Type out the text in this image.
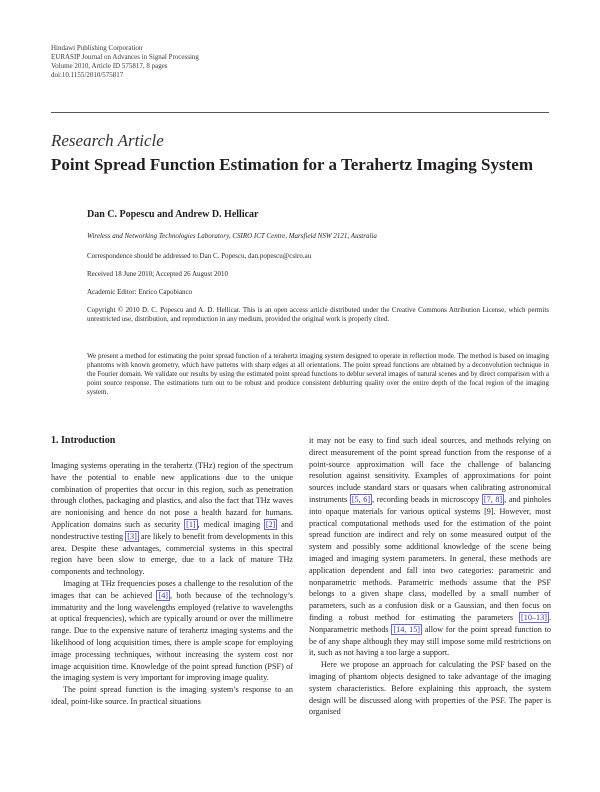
Hindawi Publishing Corporation
EURASIP Journal on Advances in Signal Processing
Volume 2010, Article ID 575817, 8 pages
doi:10.1155/2010/575817
Research Article
Point Spread Function Estimation for a Terahertz Imaging System
Dan C. Popescu and Andrew D. Hellicar
Wireless and Networking Technologies Laboratory, CSIRO ICT Centre, Marsfield NSW 2121, Australia
Correspondence should be addressed to Dan C. Popescu, dan.popescu@csiro.au
Received 18 June 2010; Accepted 26 August 2010
Academic Editor: Enrico Capobianco
Copyright © 2010 D. C. Popescu and A. D. Hellicar. This is an open access article distributed under the Creative Commons Attribution License, which permits unrestricted use, distribution, and reproduction in any medium, provided the original work is properly cited.
We present a method for estimating the point spread function of a terahertz imaging system designed to operate in reflection mode. The method is based on imaging phantoms with known geometry, which have patterns with sharp edges at all orientations. The point spread functions are obtained by a deconvolution technique in the Fourier domain. We validate our results by using the estimated point spread functions to deblur several images of natural scenes and by direct comparison with a point source response. The estimations turn out to be robust and produce consistent deblurring quality over the entire depth of the focal region of the imaging system.
1. Introduction

Imaging systems operating in the terahertz (THz) region of the spectrum have the potential to enable new applications due to the unique combination of properties that occur in this region, such as penetration through clothes, packaging and plastics, and also the fact that THz waves are nonionising and hence do not pose a health hazard for humans. Application domains such as security [1] , medical imaging [2] and nondestructive testing [3] are likely to benefit from developments in this area. Despite these advantages, commercial systems in this spectral region have been slow to emerge, due to a lack of mature THz components and technology.

Imaging at THz frequencies poses a challenge to the resolution of the images that can be achieved [4] , both because of the technology’s immaturity and the long wavelengths employed (relative to wavelengths at optical frequencies), which are typically around or over the millimetre range. Due to the expensive nature of terahertz imaging systems and the likelihood of long acquisition times, there is ample scope for employing image processing techniques, without increasing the system cost nor image acquisition time. Knowledge of the point spread function (PSF) of the imaging system is very important for improving image quality.

The point spread function is the imaging system’s response to an ideal, point-like source. In practical situations

it may not be easy to find such ideal sources, and methods relying on direct measurement of the point spread function from the response of a point-source approximation will face the challenge of balancing resolution against sensitivity. Examples of approximations for point sources include standard stars or quasars when calibrating astronomical instruments [5, 6] , recording beads in microscopy [7, 8] , and pinholes into opaque materials for various optical systems [9]. However, most practical computational methods used for the estimation of the point spread function are indirect and rely on some measured output of the system and possibly some additional knowledge of the scene being imaged and imaging system parameters. In general, these methods are application dependent and fall into two categories: parametric and nonparametric methods. Parametric methods assume that the PSF belongs to a given shape class, modelled by a small number of parameters, such as a confusion disk or a Gaussian, and then focus on finding a robust method for estimating the parameters [10–13] . Nonparametric methods [14, 15] allow for the point spread function to be of any shape although they may still impose some mild restrictions on it, such as not having a too large a support.

Here we propose an approach for calculating the PSF based on the imaging of phantom objects designed to take advantage of the imaging system characteristics. Before explaining this approach, the system design will be discussed along with properties of the PSF. The paper is organised
